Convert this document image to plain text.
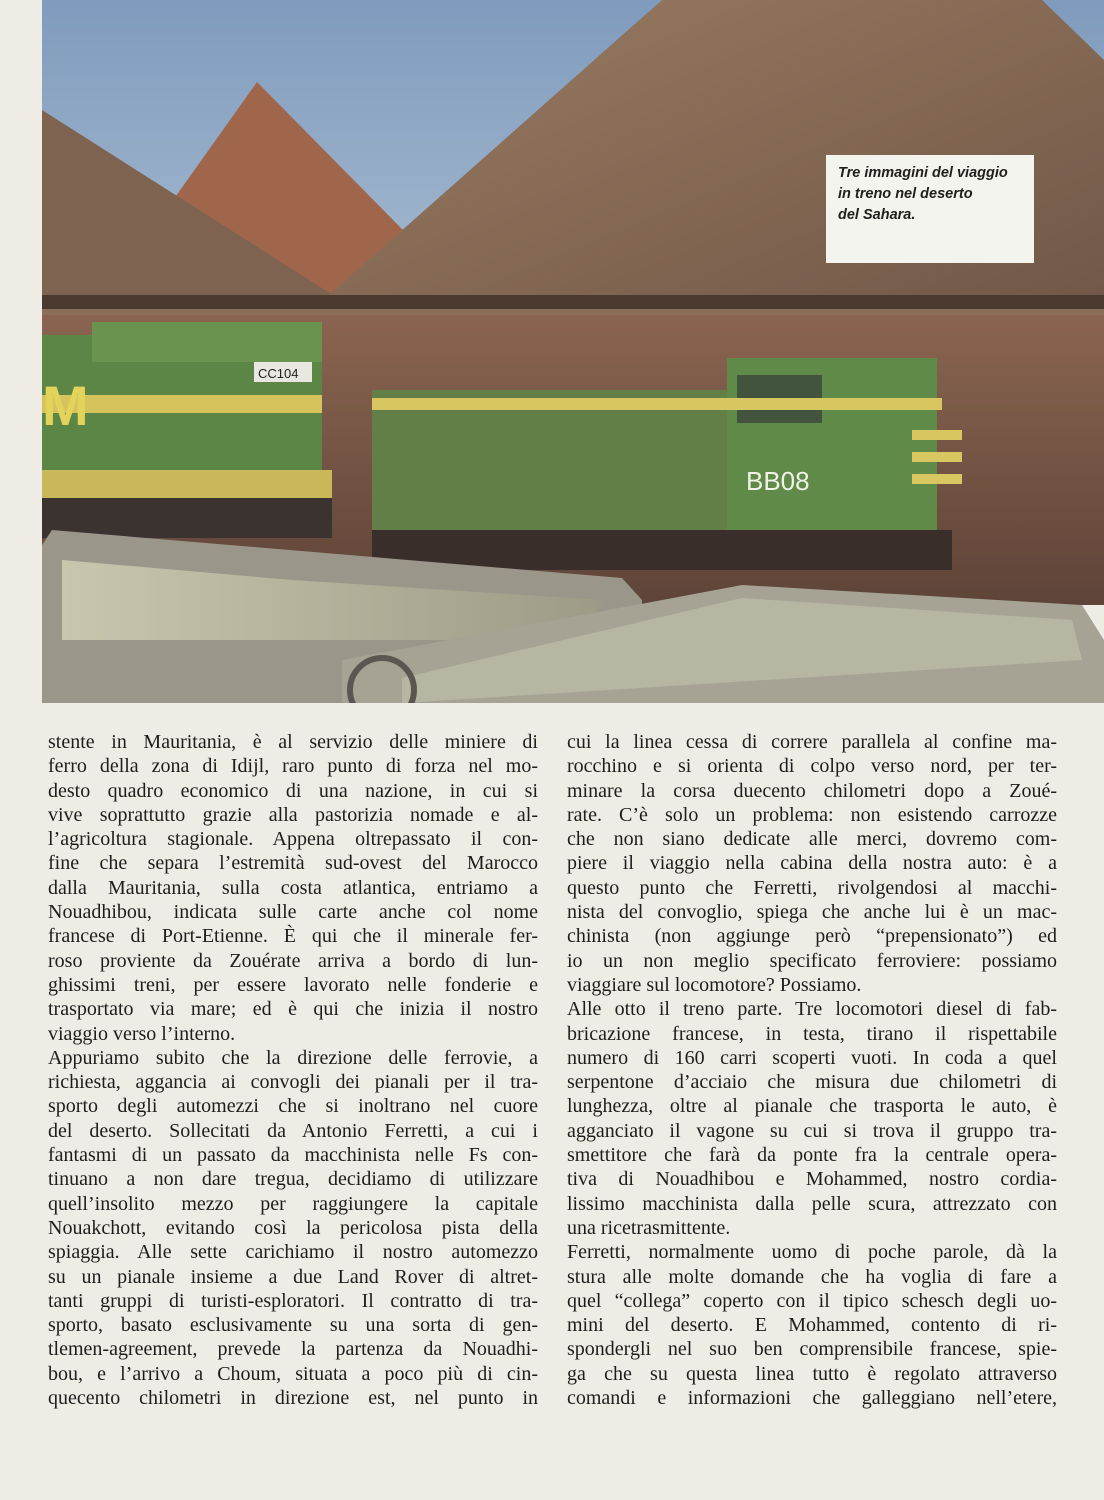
M
CC104
BB08
Tre immagini del viaggio
in treno nel deserto
del Sahara.
stente in Mauritania, è al servizio delle miniere di
ferro della zona di Idijl, raro punto di forza nel mo-
desto quadro economico di una nazione, in cui si
vive soprattutto grazie alla pastorizia nomade e al-
l’agricoltura stagionale. Appena oltrepassato il con-
fine che separa l’estremità sud-ovest del Marocco
dalla Mauritania, sulla costa atlantica, entriamo a
Nouadhibou, indicata sulle carte anche col nome
francese di Port-Etienne. È qui che il minerale fer-
roso proviente da Zouérate arriva a bordo di lun-
ghissimi treni, per essere lavorato nelle fonderie e
trasportato via mare; ed è qui che inizia il nostro
viaggio verso l’interno.
Appuriamo subito che la direzione delle ferrovie, a
richiesta, aggancia ai convogli dei pianali per il tra-
sporto degli automezzi che si inoltrano nel cuore
del deserto. Sollecitati da Antonio Ferretti, a cui i
fantasmi di un passato da macchinista nelle Fs con-
tinuano a non dare tregua, decidiamo di utilizzare
quell’insolito mezzo per raggiungere la capitale
Nouakchott, evitando così la pericolosa pista della
spiaggia. Alle sette carichiamo il nostro automezzo
su un pianale insieme a due Land Rover di altret-
tanti gruppi di turisti-esploratori. Il contratto di tra-
sporto, basato esclusivamente su una sorta di gen-
tlemen-agreement, prevede la partenza da Nouadhi-
bou, e l’arrivo a Choum, situata a poco più di cin-
quecento chilometri in direzione est, nel punto in
cui la linea cessa di correre parallela al confine ma-
rocchino e si orienta di colpo verso nord, per ter-
minare la corsa duecento chilometri dopo a Zoué-
rate. C’è solo un problema: non esistendo carrozze
che non siano dedicate alle merci, dovremo com-
piere il viaggio nella cabina della nostra auto: è a
questo punto che Ferretti, rivolgendosi al macchi-
nista del convoglio, spiega che anche lui è un mac-
chinista (non aggiunge però “prepensionato”) ed
io un non meglio specificato ferroviere: possiamo
viaggiare sul locomotore? Possiamo.
Alle otto il treno parte. Tre locomotori diesel di fab-
bricazione francese, in testa, tirano il rispettabile
numero di 160 carri scoperti vuoti. In coda a quel
serpentone d’acciaio che misura due chilometri di
lunghezza, oltre al pianale che trasporta le auto, è
agganciato il vagone su cui si trova il gruppo tra-
smettitore che farà da ponte fra la centrale opera-
tiva di Nouadhibou e Mohammed, nostro cordia-
lissimo macchinista dalla pelle scura, attrezzato con
una ricetrasmittente.
Ferretti, normalmente uomo di poche parole, dà la
stura alle molte domande che ha voglia di fare a
quel “collega” coperto con il tipico schesch degli uo-
mini del deserto. E Mohammed, contento di ri-
spondergli nel suo ben comprensibile francese, spie-
ga che su questa linea tutto è regolato attraverso
comandi e informazioni che galleggiano nell’etere,
